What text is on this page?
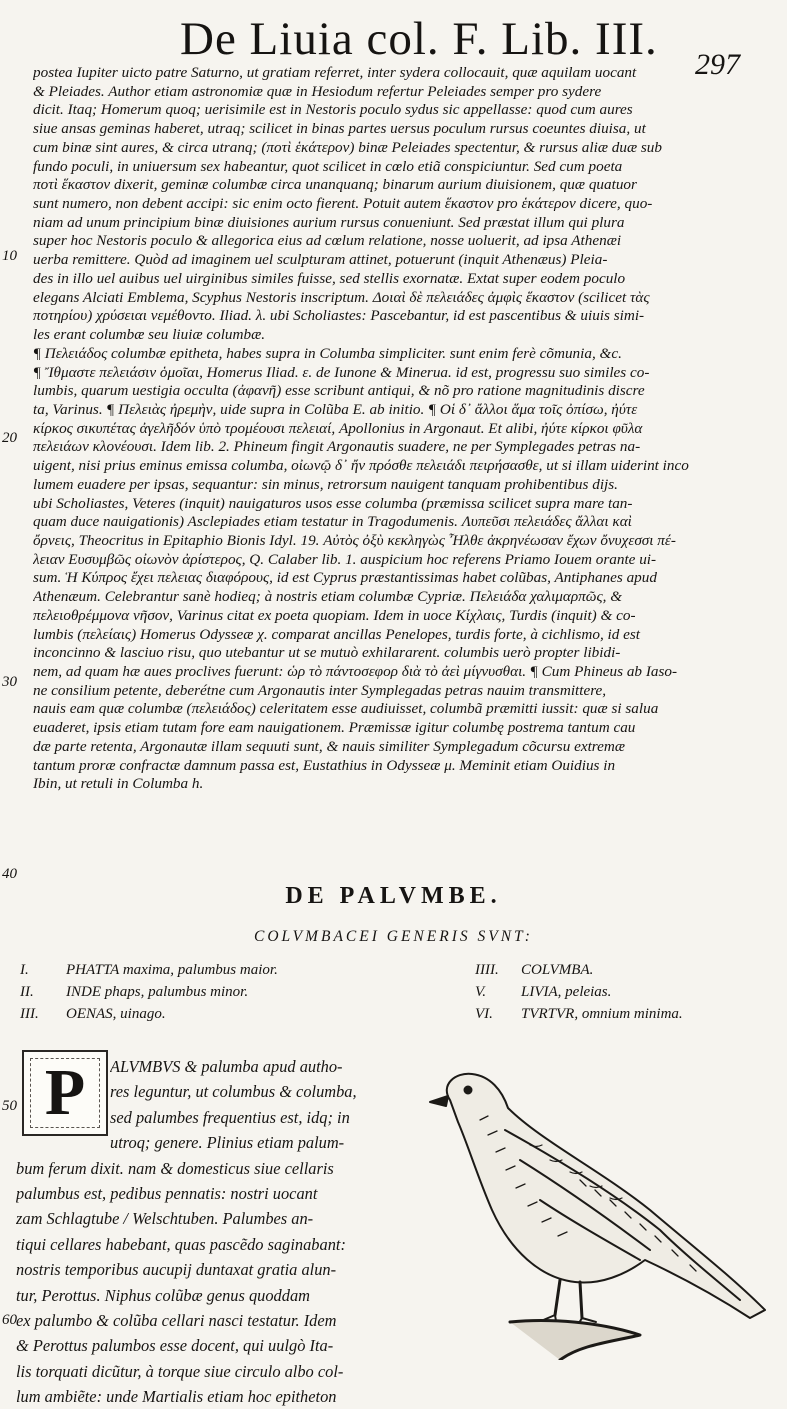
De Liuia col. F. Lib. III. 297
postea Iupiter uicto patre Saturno, ut gratiam referret, inter sydera collocauit, quæ aquilam uocant
& Pleiades. Author etiam astronomiæ quæ in Hesiodum refertur Peleiades semper pro sydere
dicit. Itaq; Homerum quoq; uerisimile est in Nestoris poculo sydus sic appellasse: quod cum aures
siue ansas geminas haberet, utraq; scilicet in binas partes uersus poculum rursus coeuntes diuisa, ut
cum binæ sint aures, & circa utranq; (ποτὶ ἑκάτερον) binæ Peleiades spectentur, & rursus aliæ duæ sub
fundo poculi, in uniuersum sex habeantur, quot scilicet in cœlo etiã conspiciuntur. Sed cum poeta
ποτὶ ἕκαστον dixerit, geminæ columbæ circa unanquanq; binarum aurium diuisionem, quæ quatuor
sunt numero, non debent accipi: sic enim octo fierent. Potuit autem ἕκαστον pro ἑκάτερον dicere, quo-
niam ad unum principium binæ diuisiones aurium rursus conueniunt. Sed præstat illum qui plura
super hoc Nestoris poculo & allegorica eius ad cœlum relatione, nosse uoluerit, ad ipsa Athenæi
uerba remittere. Quòd ad imaginem uel sculpturam attinet, potuerunt (inquit Athenæus) Pleia-
des in illo uel auibus uel uirginibus similes fuisse, sed stellis exornatæ. Extat super eodem poculo
elegans Alciati Emblema, Scyphus Nestoris inscriptum. Δοιαὶ δὲ πελειάδες ἀμφὶς ἕκαστον (scilicet τὰς
ποτηρίου) χρύσειαι νεμέθοντο. Iliad. λ. ubi Scholiastes: Pascebantur, id est pascentibus & uiuis simi-
les erant columbæ seu liuiæ columbæ.
¶ Πελειάδος columbæ epitheta, habes supra in Columba simpliciter. sunt enim ferè cõmunia, &c.
¶ Ἴθμαστε πελειάσιν ὁμοῖαι, Homerus Iliad. ε. de Iunone & Minerua. id est, progressu suo similes co-
lumbis, quarum uestigia occulta (ἀφανῆ) esse scribunt antiqui, & nõ pro ratione magnitudinis discre
ta, Varinus. ¶ Πελειὰς ἠρεμὴν, uide supra in Colũba E. ab initio. ¶ Οἱ δ᾽ ἄλλοι ἅμα τοῖς ὀπίσω, ἠύτε
κίρκος σικυπέτας ἀγελῆδόν ὑπὸ τρομέουσι πελειαί, Apollonius in Argonaut. Et alibi, ἠύτε κίρκοι φῦλα
πελειάων κλονέουσι. Idem lib. 2. Phineum fingit Argonautis suadere, ne per Symplegades petras na-
uigent, nisi prius eminus emissa columba, οἰωνῷ δ᾽ ἤν πρόσθε πελειάδι πειρήσασθε, ut si illam uiderint inco
lumem euadere per ipsas, sequantur: sin minus, retrorsum nauigent tanquam prohibentibus dijs.
ubi Scholiastes, Veteres (inquit) nauigaturos usos esse columba (præmissa scilicet supra mare tan-
quam duce nauigationis) Asclepiades etiam testatur in Tragodumenis. Λυπεῦσι πελειάδες ἄλλαι καὶ
ὄρνεις, Theocritus in Epitaphio Bionis Idyl. 19. Αὐτὸς ὀξὺ κεκληγὼς Ἦλθε ἀκρηνέωσαν ἔχων ὄνυχεσσι πέ-
λειαν Ευσυμβῶς οἰωνὸν ἀρίστερος, Q. Calaber lib. 1. auspicium hoc referens Priamo Iouem orante ui-
sum. Ἡ Κύπρος ἔχει πελειας διαφόρους, id est Cyprus præstantissimas habet colũbas, Antiphanes apud
Athenæum. Celebrantur sanè hodieq; à nostris etiam columbæ Cypriæ. Πελειάδα χαλιμαρπῶς, &
πελειοθρέμμονα νῆσον, Varinus citat ex poeta quopiam. Idem in uoce Κίχλαις, Turdis (inquit) & co-
lumbis (πελείαις) Homerus Odysseæ χ. comparat ancillas Penelopes, turdis forte, à cichlismo, id est
inconcinno & lasciuo risu, quo utebantur ut se mutuò exhilararent. columbis uerò propter libidi-
nem, ad quam hæ aues proclives fuerunt: ὡρ τὸ πάντοσεφορ διὰ τὸ ἀεὶ μίγνυσθαι. ¶ Cum Phineus ab Iaso-
ne consilium petente, deberétne cum Argonautis inter Symplegadas petras nauim transmittere,
nauis eam quæ columbæ (πελειάδος) celeritatem esse audiuisset, columbã præmitti iussit: quæ si salua
euaderet, ipsis etiam tutam fore eam nauigationem. Præmissæ igitur columbę postrema tantum cau
dæ parte retenta, Argonautæ illam sequuti sunt, & nauis similiter Symplegadum cõcursu extremæ
tantum proræ confractæ damnum passa est, Eustathius in Odysseæ μ. Meminit etiam Ouidius in
Ibin, ut retuli in Columba h.
10
20
30
40
50
60
DE PALVMBE.
COLVMBACEI GENERIS SVNT:
I. PHATTA maxima, palumbus maior.
II. INDE phaps, palumbus minor.
III. OENAS, uinago.
IIII. COLVMBA.
V. LIVIA, peleias.
VI. TVRTVR, omnium minima.
P	ALVMBVS & palumba apud autho-
res leguntur, ut columbus & columba,
sed palumbes frequentius est, idq; in
utroq; genere. Plinius etiam palum-
bum ferum dixit. nam & domesticus siue cellaris
palumbus est, pedibus pennatis: nostri uocant
zam Schlagtube / Welschtuben. Palumbes an-
tiqui cellares habebant, quas pascẽdo saginabant:
nostris temporibus aucupij duntaxat gratia alun-
tur, Perottus. Niphus colũbæ genus quoddam
ex palumbo & colũba cellari nasci testatur. Idem
& Perottus palumbos esse docent, qui uulgò Ita-
lis torquati dicũtur, à torque siue circulo albo col-
lum ambiẽte: unde Martialis etiam hoc epitheton
